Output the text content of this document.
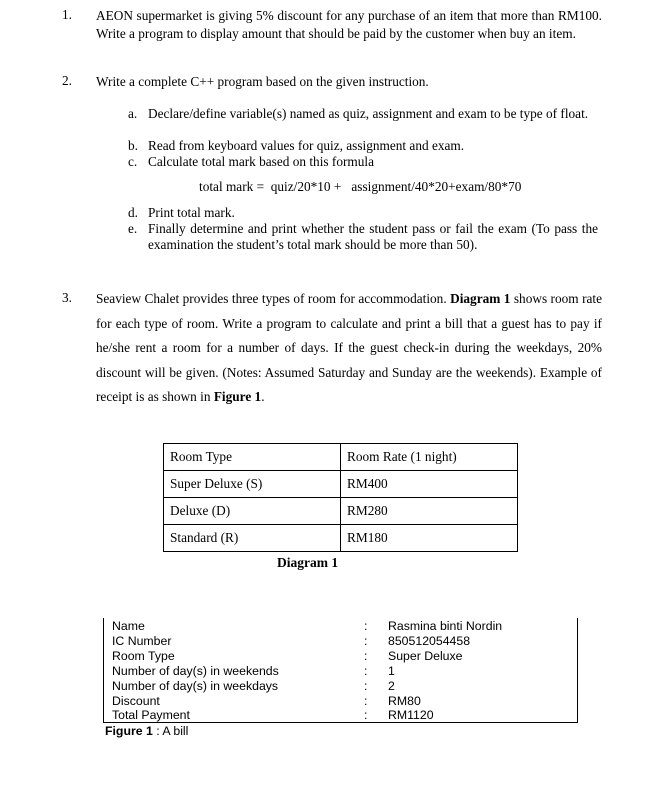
1. AEON supermarket is giving 5% discount for any purchase of an item that more than RM100. Write a program to display amount that should be paid by the customer when buy an item.
2. Write a complete C++ program based on the given instruction.
a. Declare/define variable(s) named as quiz, assignment and exam to be type of float.
b. Read from keyboard values for quiz, assignment and exam.
c. Calculate total mark based on this formula
total mark =  quiz/20*10 +   assignment/40*20+exam/80*70
d. Print total mark.
e. Finally determine and print whether the student pass or fail the exam (To pass the examination the student’s total mark should be more than 50).
3. Seaview Chalet provides three types of room for accommodation. Diagram 1 shows room rate for each type of room. Write a program to calculate and print a bill that a guest has to pay if he/she rent a room for a number of days. If the guest check-in during the weekdays, 20% discount will be given. (Notes: Assumed Saturday and Sunday are the weekends). Example of receipt is as shown in Figure 1.
Room Type	Room Rate (1 night)
Super Deluxe (S)	RM400
Deluxe (D)	RM280
Standard (R)	RM180
Diagram 1
Name	: Rasmina binti Nordin
IC Number	: 850512054458
Room Type	: Super Deluxe
Number of day(s) in weekends	: 1
Number of day(s) in weekdays	: 2
Discount	: RM80
Total Payment	: RM1120
Figure 1 : A bill
